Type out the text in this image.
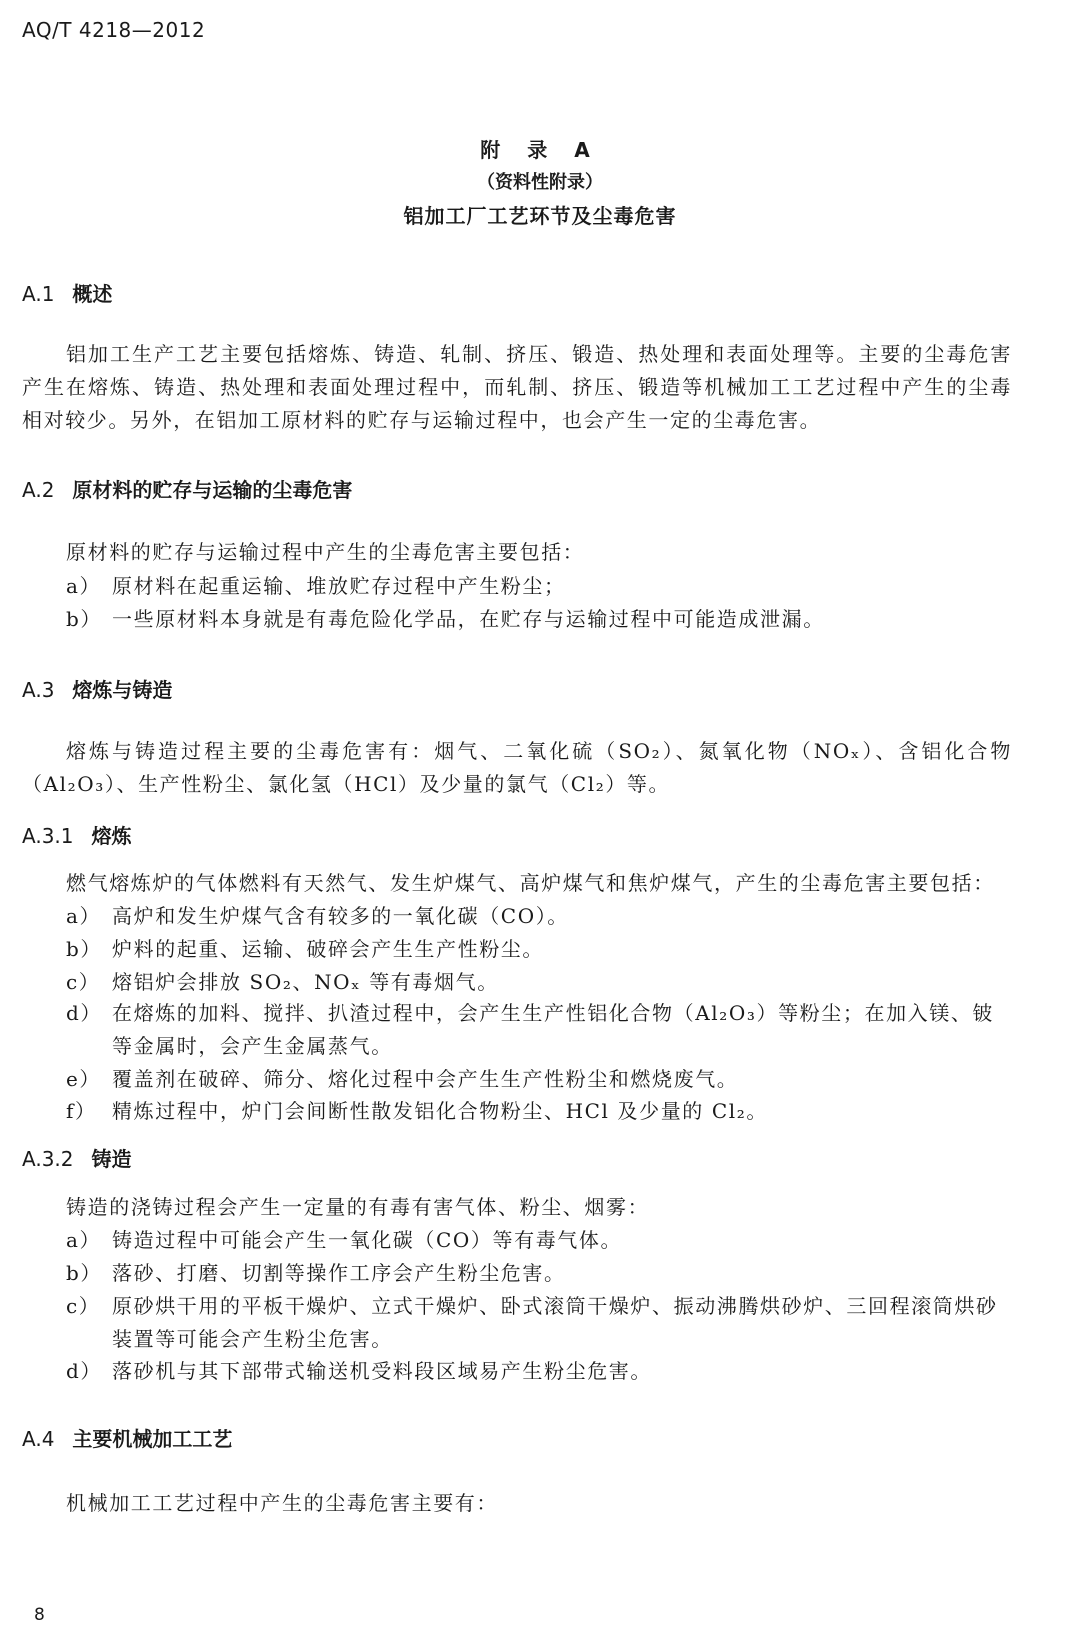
AQ/T 4218—2012
附 录 A
（资料性附录）
铝加工厂工艺环节及尘毒危害
A.1 概述
铝加工生产工艺主要包括熔炼、铸造、轧制、挤压、锻造、热处理和表面处理等。主要的尘毒危害产生在熔炼、铸造、热处理和表面处理过程中，而轧制、挤压、锻造等机械加工工艺过程中产生的尘毒相对较少。另外，在铝加工原材料的贮存与运输过程中，也会产生一定的尘毒危害。
A.2 原材料的贮存与运输的尘毒危害
原材料的贮存与运输过程中产生的尘毒危害主要包括：
a） 原材料在起重运输、堆放贮存过程中产生粉尘；
b） 一些原材料本身就是有毒危险化学品，在贮存与运输过程中可能造成泄漏。
A.3 熔炼与铸造
熔炼与铸造过程主要的尘毒危害有：烟气、二氧化硫（SO₂）、氮氧化物（NOₓ）、含铝化合物（Al₂O₃）、生产性粉尘、氯化氢（HCl）及少量的氯气（Cl₂）等。
A.3.1 熔炼
燃气熔炼炉的气体燃料有天然气、发生炉煤气、高炉煤气和焦炉煤气，产生的尘毒危害主要包括：
a） 高炉和发生炉煤气含有较多的一氧化碳（CO）。
b） 炉料的起重、运输、破碎会产生生产性粉尘。
c） 熔铝炉会排放 SO₂、NOₓ 等有毒烟气。
d） 在熔炼的加料、搅拌、扒渣过程中，会产生生产性铝化合物（Al₂O₃）等粉尘；在加入镁、铍等金属时，会产生金属蒸气。
e） 覆盖剂在破碎、筛分、熔化过程中会产生生产性粉尘和燃烧废气。
f） 精炼过程中，炉门会间断性散发铝化合物粉尘、HCl 及少量的 Cl₂。
A.3.2 铸造
铸造的浇铸过程会产生一定量的有毒有害气体、粉尘、烟雾：
a） 铸造过程中可能会产生一氧化碳（CO）等有毒气体。
b） 落砂、打磨、切割等操作工序会产生粉尘危害。
c） 原砂烘干用的平板干燥炉、立式干燥炉、卧式滚筒干燥炉、振动沸腾烘砂炉、三回程滚筒烘砂装置等可能会产生粉尘危害。
d） 落砂机与其下部带式输送机受料段区域易产生粉尘危害。
A.4 主要机械加工工艺
机械加工工艺过程中产生的尘毒危害主要有：
8
